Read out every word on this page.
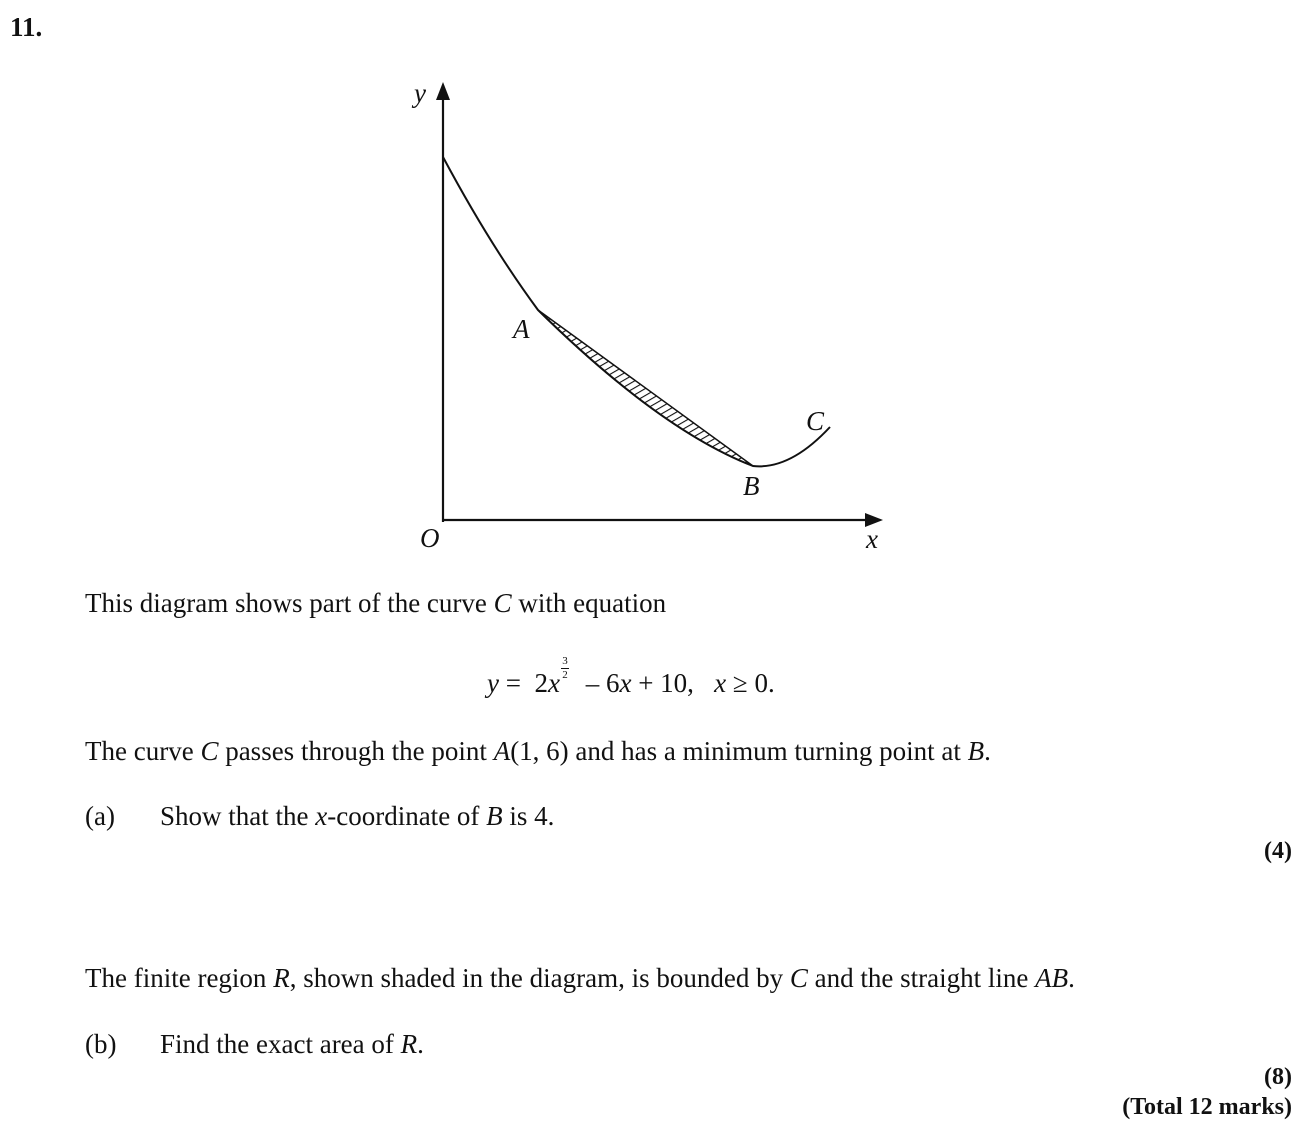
11.
y
x
O
A
B
C
This diagram shows part of the curve C with equation
$y = 2x \frac{3}{2} - 6x + 10$, x ≥ 0.
The curve C passes through the point A(1, 6) and has a minimum turning point at B.
(a) Show that the x-coordinate of B is 4.
(4)
The finite region R, shown shaded in the diagram, is bounded by C and the straight line AB.
(b) Find the exact area of R.
(8)
(Total 12 marks)
